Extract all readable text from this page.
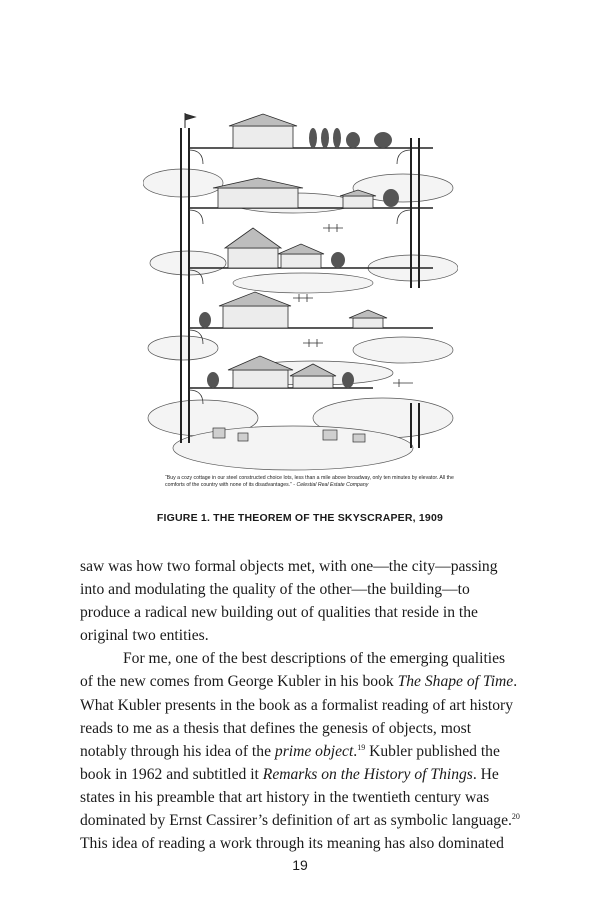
“Buy a cozy cottage in our steel constructed choice lots, less than a mile above broadway, only ten minutes by elevator. All the comforts of the country with none of its disadvantages.” - Celestial Real Estate Company
FIGURE 1. THE THEOREM OF THE SKYSCRAPER, 1909

saw was how two formal objects met, with one—the city—passing into and modulating the quality of the other—the building—to produce a radical new building out of qualities that reside in the original two entities.

For me, one of the best descriptions of the emerging qualities of the new comes from George Kubler in his book The Shape of Time. What Kubler presents in the book as a formalist reading of art history reads to me as a thesis that defines the genesis of objects, most notably through his idea of the prime object.$^{19}$ Kubler published the book in 1962 and subtitled it Remarks on the History of Things. He states in his preamble that art history in the twentieth century was dominated by Ernst Cassirer’s definition of art as symbolic language.$^{20}$ This idea of reading a work through its meaning has also dominated

19
